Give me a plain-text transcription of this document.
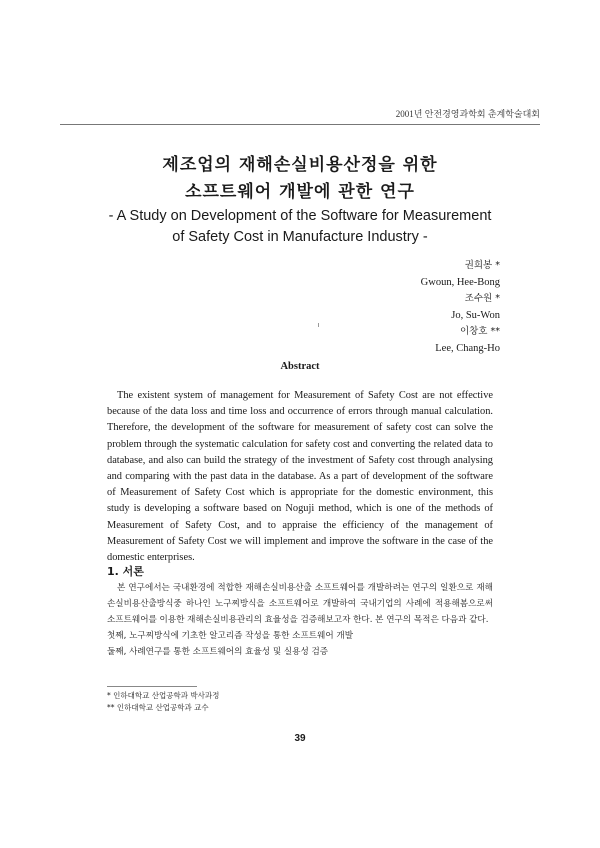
2001년 안전경영과학회 춘계학술대회
제조업의 재해손실비용산정을 위한
소프트웨어 개발에 관한 연구
- A Study on Development of the Software for Measurement
of Safety Cost in Manufacture Industry -
권희봉 *
Gwoun, Hee-Bong
조수원 *
Jo, Su-Won
이창호 **
Lee, Chang-Ho
Abstract
The existent system of management for Measurement of Safety Cost are not effective because of the data loss and time loss and occurrence of errors through manual calculation. Therefore, the development of the software for measurement of safety cost can solve the problem through the systematic calculation for safety cost and converting the related data to database, and also can build the strategy of the investment of Safety cost through analysing and comparing with the past data in the database. As a part of development of the software of Measurement of Safety Cost which is appropriate for the domestic environment, this study is developing a software based on Noguji method, which is one of the methods of Measurement of Safety Cost, and to appraise the efficiency of the management of Measurement of Safety Cost we will implement and improve the software in the case of the domestic enterprises.
1. 서론

본 연구에서는 국내환경에 적합한 재해손실비용산출 소프트웨어를 개발하려는 연구의 일환으로 재해손실비용산출방식중 하나인 노구찌방식을 소프트웨어로 개발하여 국내기업의 사례에 적용해봄으로써 소프트웨어를 이용한 재해손실비용관리의 효율성을 검증해보고자 한다. 본 연구의 목적은 다음과 같다.

첫째, 노구찌방식에 기초한 알고리즘 작성을 통한 소프트웨어 개발

둘째, 사례연구를 통한 소프트웨어의 효율성 및 실용성 검증

* 인하대학교 산업공학과 박사과정
** 인하대학교 산업공학과 교수
39
